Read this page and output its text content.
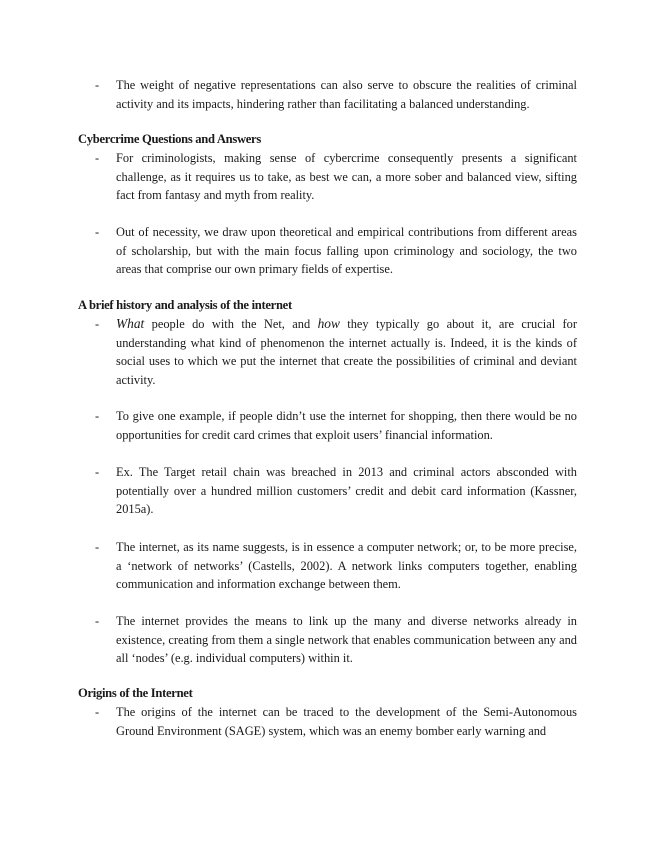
-	The weight of negative representations can also serve to obscure the realities of criminal activity and its impacts, hindering rather than facilitating a balanced understanding.
Cybercrime Questions and Answers
-	For criminologists, making sense of cybercrime consequently presents a significant challenge, as it requires us to take, as best we can, a more sober and balanced view, sifting fact from fantasy and myth from reality.
-	Out of necessity, we draw upon theoretical and empirical contributions from different areas of scholarship, but with the main focus falling upon criminology and sociology, the two areas that comprise our own primary fields of expertise.
A brief history and analysis of the internet
-	What people do with the Net, and how they typically go about it, are crucial for understanding what kind of phenomenon the internet actually is. Indeed, it is the kinds of social uses to which we put the internet that create the possibilities of criminal and deviant activity.
-	To give one example, if people didn’t use the internet for shopping, then there would be no opportunities for credit card crimes that exploit users’ financial information.
-	Ex. The Target retail chain was breached in 2013 and criminal actors absconded with potentially over a hundred million customers’ credit and debit card information (Kassner, 2015a).
-	The internet, as its name suggests, is in essence a computer network; or, to be more precise, a ‘network of networks’ (Castells, 2002). A network links computers together, enabling communication and information exchange between them.
-	The internet provides the means to link up the many and diverse networks already in existence, creating from them a single network that enables communication between any and all ‘nodes’ (e.g. individual computers) within it.
Origins of the Internet
-	The origins of the internet can be traced to the development of the Semi-Autonomous Ground Environment (SAGE) system, which was an enemy bomber early warning and
